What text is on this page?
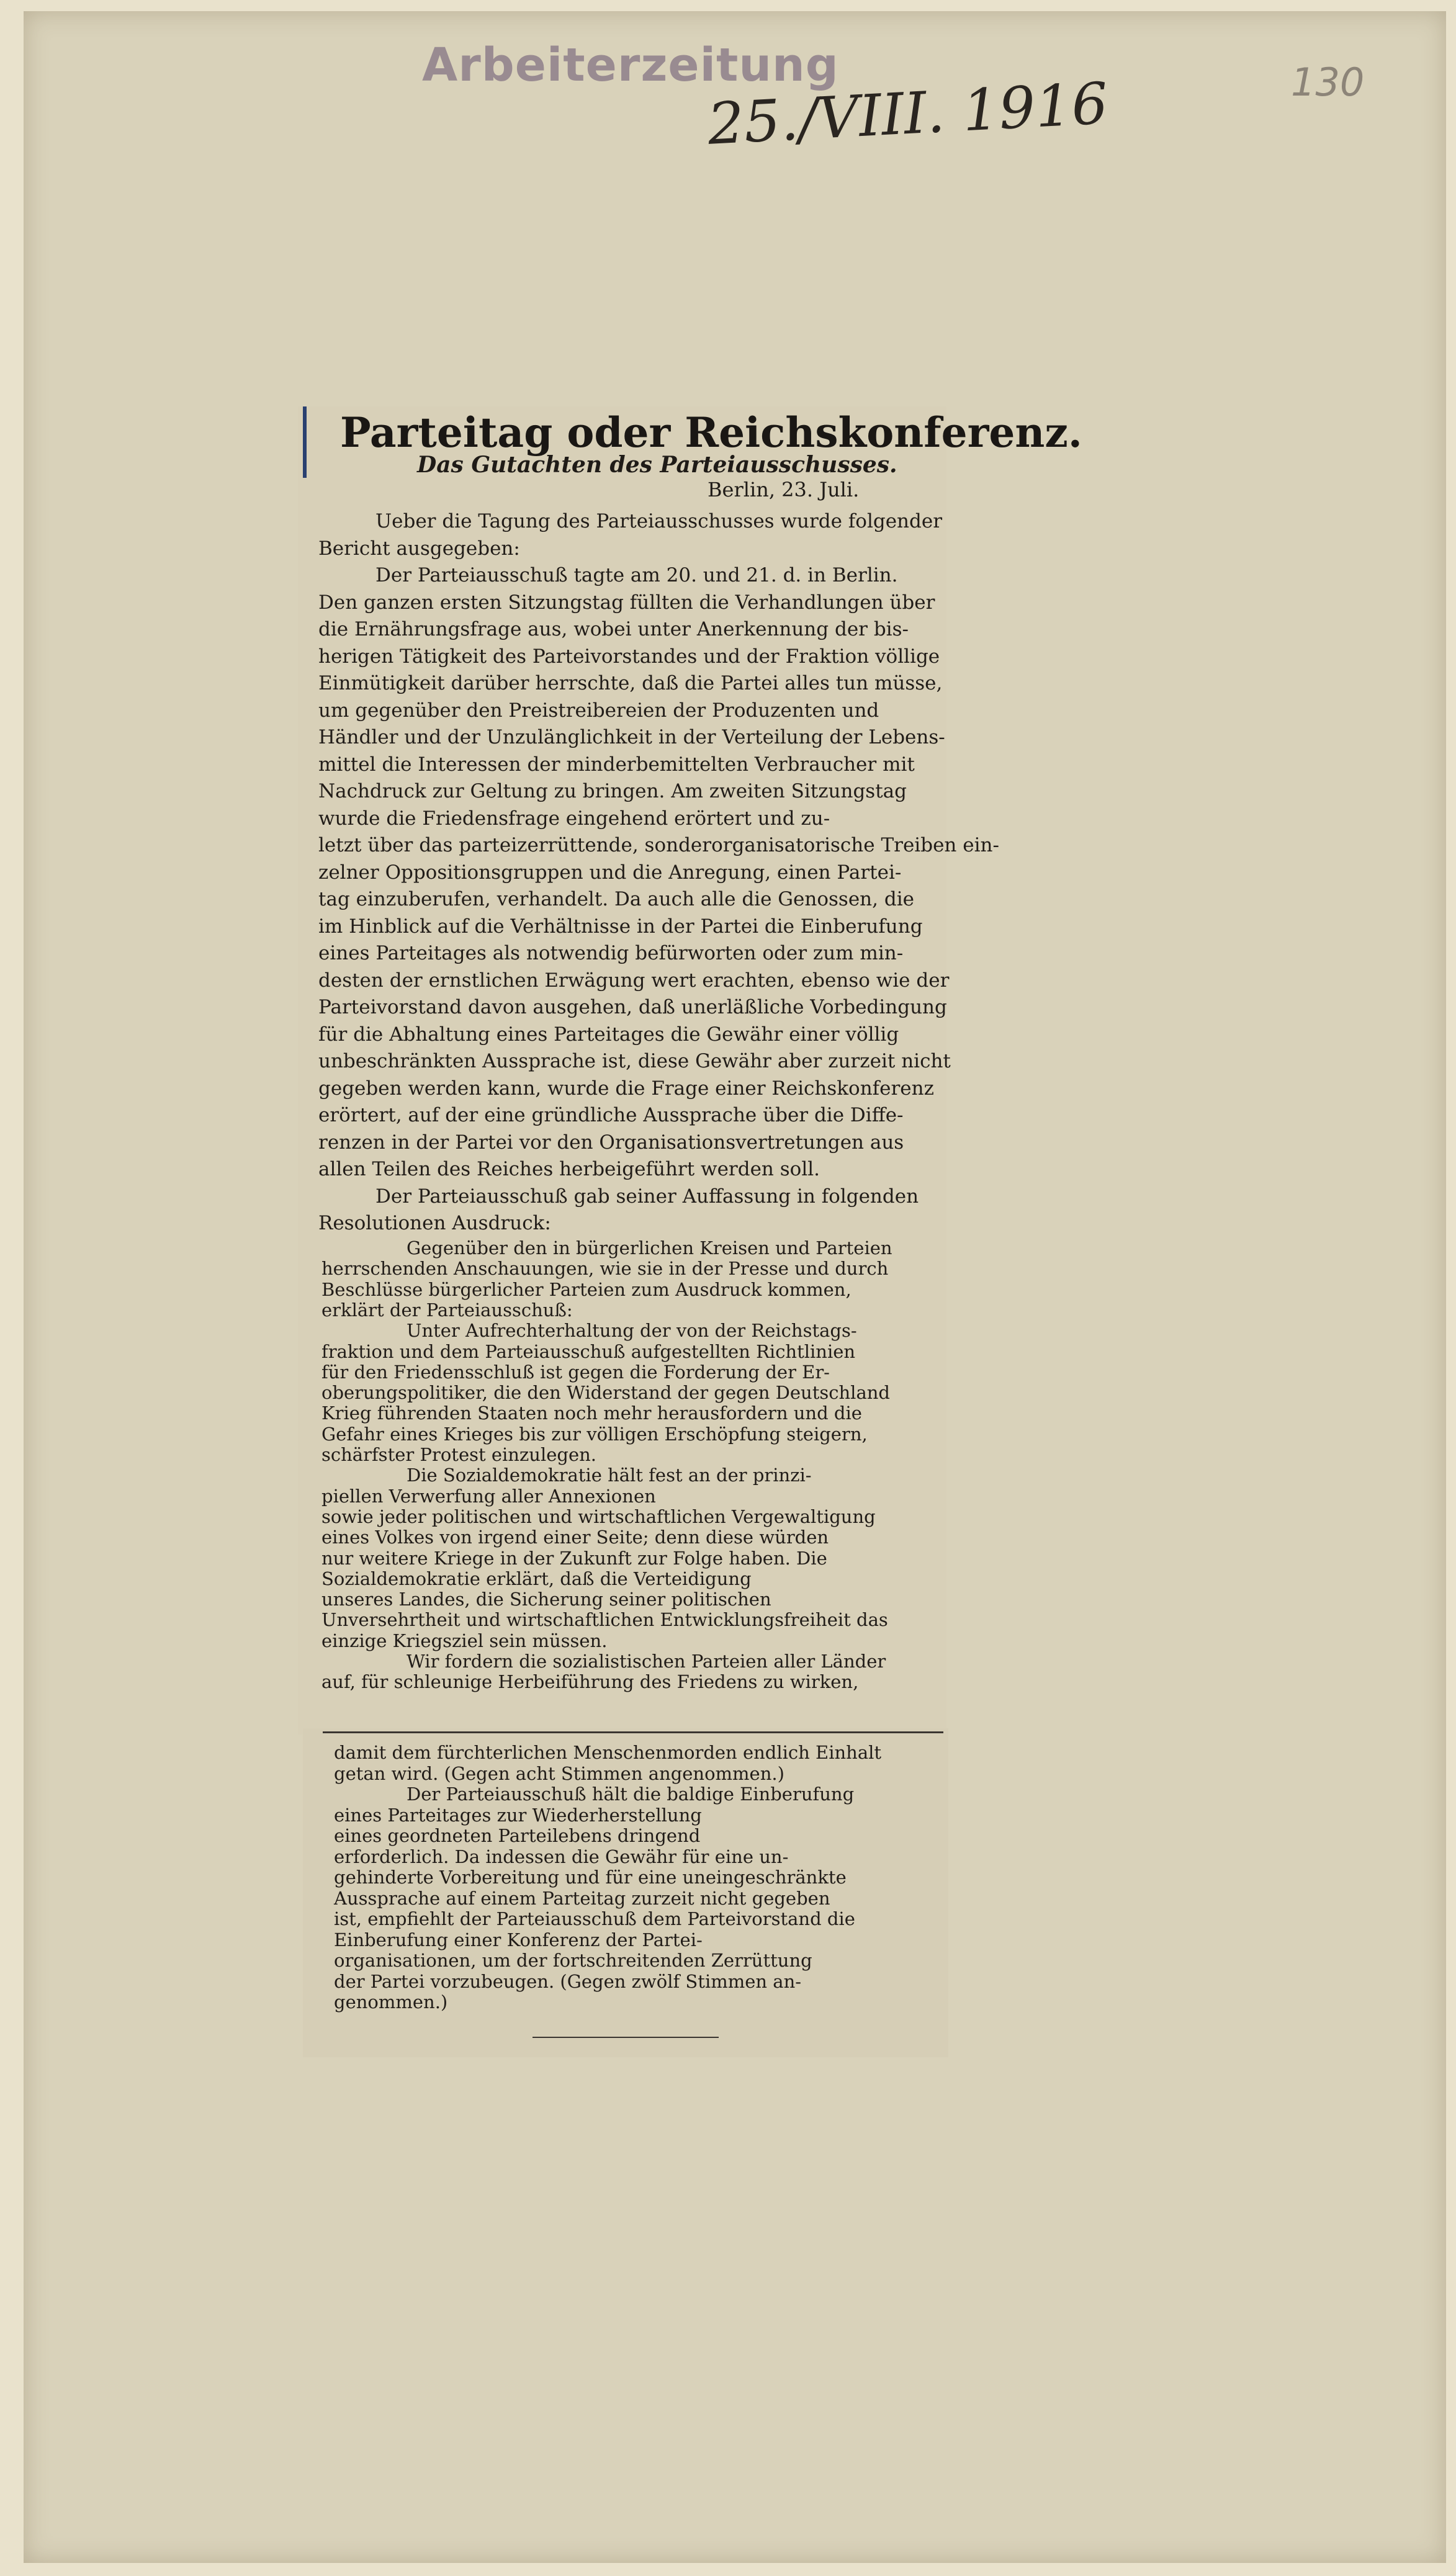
Arbeiterzeitung
25./VIII. 1916	130
Parteitag oder Reichskonferenz.
Das Gutachten des Parteiausschusses.
Berlin, 23. Juli.
Ueber die Tagung des Parteiausschusses wurde folgender
Bericht ausgegeben:
Der Parteiausschuß tagte am 20. und 21. d. in Berlin.
Den ganzen ersten Sitzungstag füllten die Verhandlungen über
die Ernährungsfrage aus, wobei unter Anerkennung der bis-
herigen Tätigkeit des Parteivorstandes und der Fraktion völlige
Einmütigkeit darüber herrschte, daß die Partei alles tun müsse,
um gegenüber den Preistreibereien der Produzenten und
Händler und der Unzulänglichkeit in der Verteilung der Lebens-
mittel die Interessen der minderbemittelten Verbraucher mit
Nachdruck zur Geltung zu bringen. Am zweiten Sitzungstag
wurde die Friedensfrage eingehend erörtert und zu-
letzt über das parteizerrüttende, sonderorganisatorische Treiben ein-
zelner Oppositionsgruppen und die Anregung, einen Partei-
tag einzuberufen, verhandelt. Da auch alle die Genossen, die
im Hinblick auf die Verhältnisse in der Partei die Einberufung
eines Parteitages als notwendig befürworten oder zum min-
desten der ernstlichen Erwägung wert erachten, ebenso wie der
Parteivorstand davon ausgehen, daß unerläßliche Vorbedingung
für die Abhaltung eines Parteitages die Gewähr einer völlig
unbeschränkten Aussprache ist, diese Gewähr aber zurzeit nicht
gegeben werden kann, wurde die Frage einer Reichskonferenz
erörtert, auf der eine gründliche Aussprache über die Diffe-
renzen in der Partei vor den Organisationsvertretungen aus
allen Teilen des Reiches herbeigeführt werden soll.
Der Parteiausschuß gab seiner Auffassung in folgenden
Resolutionen Ausdruck:
Gegenüber den in bürgerlichen Kreisen und Parteien
herrschenden Anschauungen, wie sie in der Presse und durch
Beschlüsse bürgerlicher Parteien zum Ausdruck kommen,
erklärt der Parteiausschuß:
Unter Aufrechterhaltung der von der Reichstags-
fraktion und dem Parteiausschuß aufgestellten Richtlinien
für den Friedensschluß ist gegen die Forderung der Er-
oberungspolitiker, die den Widerstand der gegen Deutschland
Krieg führenden Staaten noch mehr herausfordern und die
Gefahr eines Krieges bis zur völligen Erschöpfung steigern,
schärfster Protest einzulegen.
Die Sozialdemokratie hält fest an der prinzi-
piellen Verwerfung aller Annexionen
sowie jeder politischen und wirtschaftlichen Vergewaltigung
eines Volkes von irgend einer Seite; denn diese würden
nur weitere Kriege in der Zukunft zur Folge haben. Die
Sozialdemokratie erklärt, daß die Verteidigung
unseres Landes, die Sicherung seiner politischen
Unversehrtheit und wirtschaftlichen Entwicklungsfreiheit das
einzige Kriegsziel sein müssen.
Wir fordern die sozialistischen Parteien aller Länder
auf, für schleunige Herbeiführung des Friedens zu wirken,
damit dem fürchterlichen Menschenmorden endlich Einhalt
getan wird. (Gegen acht Stimmen angenommen.)
Der Parteiausschuß hält die baldige Einberufung
eines Parteitages zur Wiederherstellung
eines geordneten Parteilebens dringend
erforderlich. Da indessen die Gewähr für eine un-
gehinderte Vorbereitung und für eine uneingeschränkte
Aussprache auf einem Parteitag zurzeit nicht gegeben
ist, empfiehlt der Parteiausschuß dem Parteivorstand die
Einberufung einer Konferenz der Partei-
organisationen, um der fortschreitenden Zerrüttung
der Partei vorzubeugen. (Gegen zwölf Stimmen an-
genommen.)
